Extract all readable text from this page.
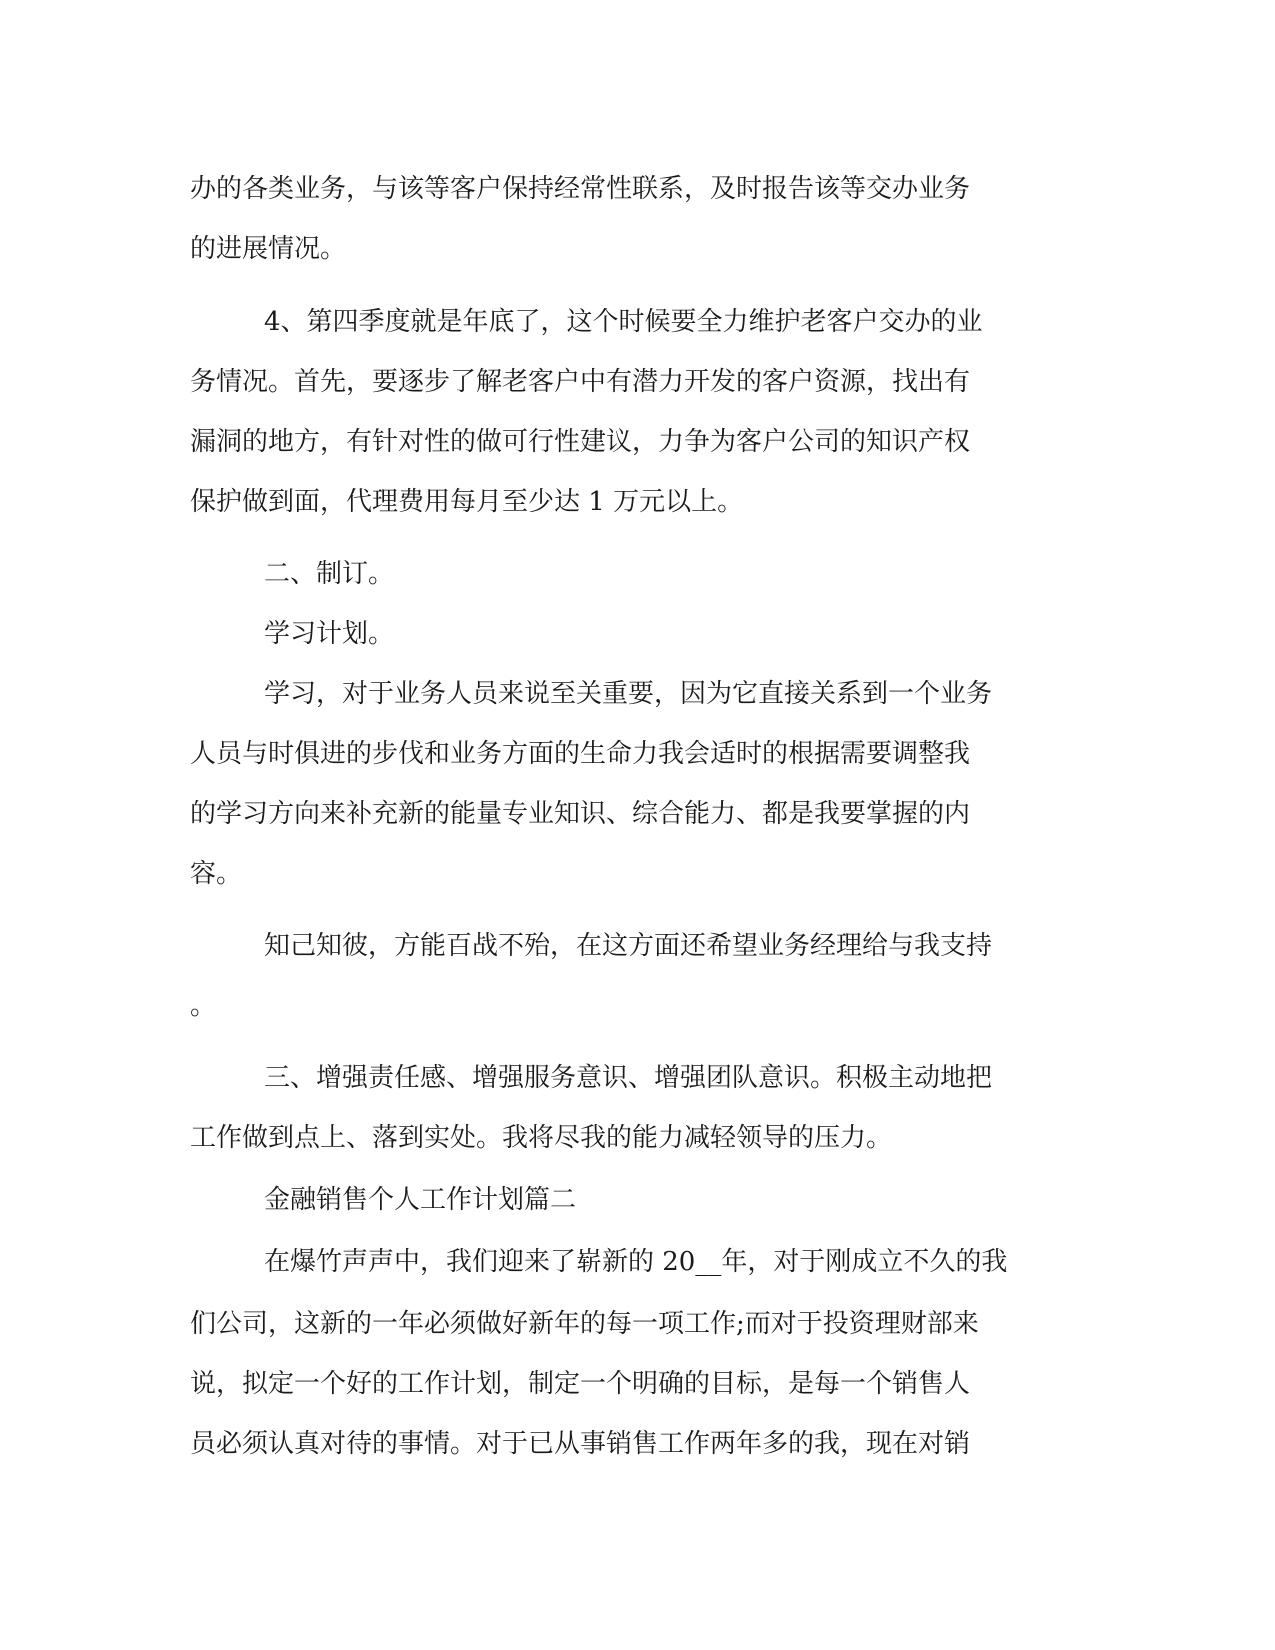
办的各类业务，与该等客户保持经常性联系，及时报告该等交办业务
的进展情况。
4、第四季度就是年底了，这个时候要全力维护老客户交办的业
务情况。首先，要逐步了解老客户中有潜力开发的客户资源，找出有
漏洞的地方，有针对性的做可行性建议，力争为客户公司的知识产权
保护做到面，代理费用每月至少达 1 万元以上。
二、制订。
学习计划。
学习，对于业务人员来说至关重要，因为它直接关系到一个业务
人员与时俱进的步伐和业务方面的生命力我会适时的根据需要调整我
的学习方向来补充新的能量专业知识、综合能力、都是我要掌握的内
容。
知己知彼，方能百战不殆，在这方面还希望业务经理给与我支持
。
三、增强责任感、增强服务意识、增强团队意识。积极主动地把
工作做到点上、落到实处。我将尽我的能力减轻领导的压力。
金融销售个人工作计划篇二
在爆竹声声中，我们迎来了崭新的 20__年，对于刚成立不久的我
们公司，这新的一年必须做好新年的每一项工作;而对于投资理财部来
说，拟定一个好的工作计划，制定一个明确的目标，是每一个销售人
员必须认真对待的事情。对于已从事销售工作两年多的我，现在对销
